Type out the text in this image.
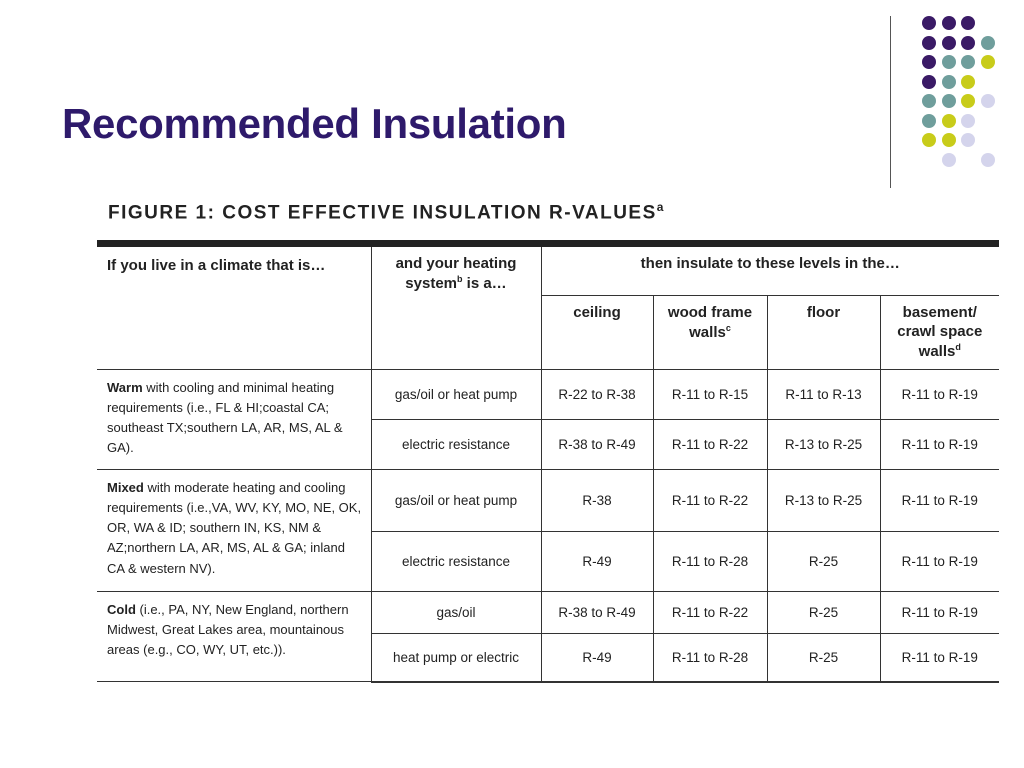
Recommended Insulation
FIGURE 1: COST EFFECTIVE INSULATION R-VALUES$^a$
If you live in a climate that is…	and your heating system$^b$ is a…	then insulate to these levels in the…			
		ceiling	wood frame walls$^c$	floor	basement/ crawl space walls$^d$
Warm with cooling and minimal heating requirements (i.e., FL & HI;coastal CA; southeast TX;southern LA, AR, MS, AL & GA).	gas/oil or heat pump	R-22 to R-38	R-11 to R-15	R-11 to R-13	R-11 to R-19
	electric resistance	R-38 to R-49	R-11 to R-22	R-13 to R-25	R-11 to R-19
Mixed with moderate heating and cooling requirements (i.e.,VA, WV, KY, MO, NE, OK, OR, WA & ID; southern IN, KS, NM & AZ;northern LA, AR, MS, AL & GA; inland CA & western NV).	gas/oil or heat pump	R-38	R-11 to R-22	R-13 to R-25	R-11 to R-19
	electric resistance	R-49	R-11 to R-28	R-25	R-11 to R-19
Cold (i.e., PA, NY, New England, northern Midwest, Great Lakes area, mountainous areas (e.g., CO, WY, UT, etc.)).	gas/oil	R-38 to R-49	R-11 to R-22	R-25	R-11 to R-19
	heat pump or electric	R-49	R-11 to R-28	R-25	R-11 to R-19
